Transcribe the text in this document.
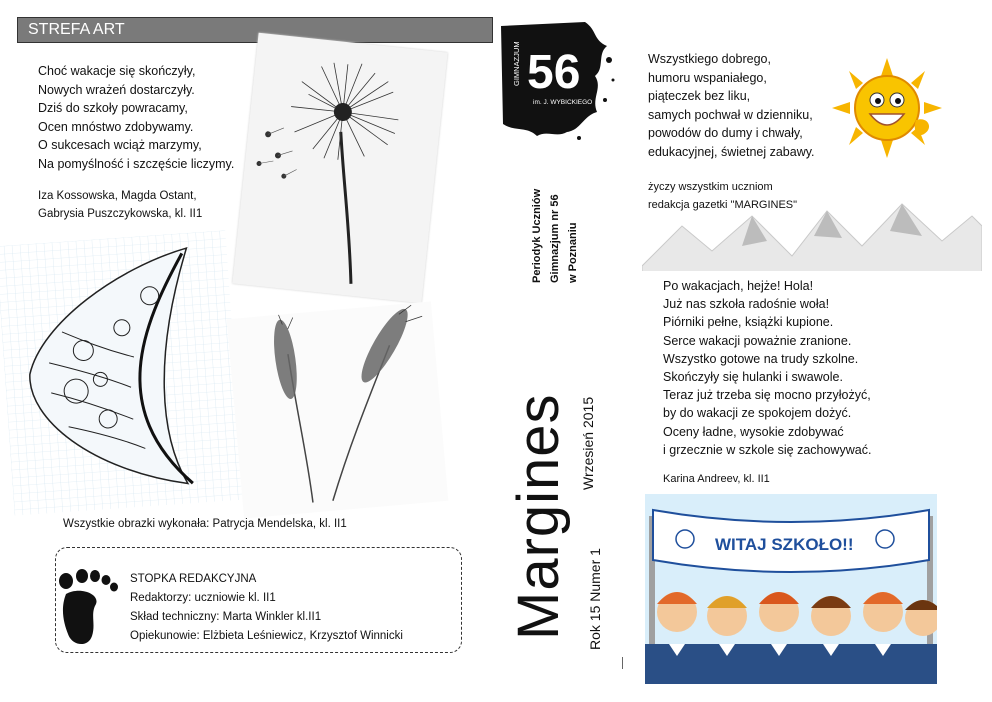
STREFA ART
Choć wakacje się skończyły,
Nowych wrażeń dostarczyły.
Dziś do szkoły powracamy,
Ocen mnóstwo zdobywamy.
O sukcesach wciąż marzymy,
Na pomyślność i szczęście liczymy.
Iza Kossowska, Magda Ostant,
Gabrysia Puszczykowska, kl. II1
Wszystkie obrazki wykonała: Patrycja Mendelska, kl. II1
STOPKA REDAKCYJNA
Redaktorzy: uczniowie kl. II1
Skład techniczny: Marta Winkler kl.II1
Opiekunowie: Elżbieta Leśniewicz, Krzysztof Winnicki
56
im. J. WYBICKIEGO
GIMNAZJUM
Periodyk Uczniów Gimnazjum nr 56 w Poznaniu
Margines Wrzesień 2015
Rok 15 Numer 1
Wszystkiego dobrego,
humoru wspaniałego,
piąteczek bez liku,
samych pochwał w dzienniku,
powodów do dumy i chwały,
edukacyjnej, świetnej zabawy.
życzy wszystkim uczniom
redakcja gazetki "MARGINES"
Po wakacjach, hejże! Hola!
Już nas szkoła radośnie woła!
Piórniki pełne, książki kupione.
Serce wakacji poważnie zranione.
Wszystko gotowe na trudy szkolne.
Skończyły się hulanki i swawole.
Teraz już trzeba się mocno przyłożyć,
by do wakacji ze spokojem dożyć.
Oceny ładne, wysokie zdobywać
i grzecznie w szkole się zachowywać.
Karina Andreev, kl. II1
WITAJ SZKOŁO!!
